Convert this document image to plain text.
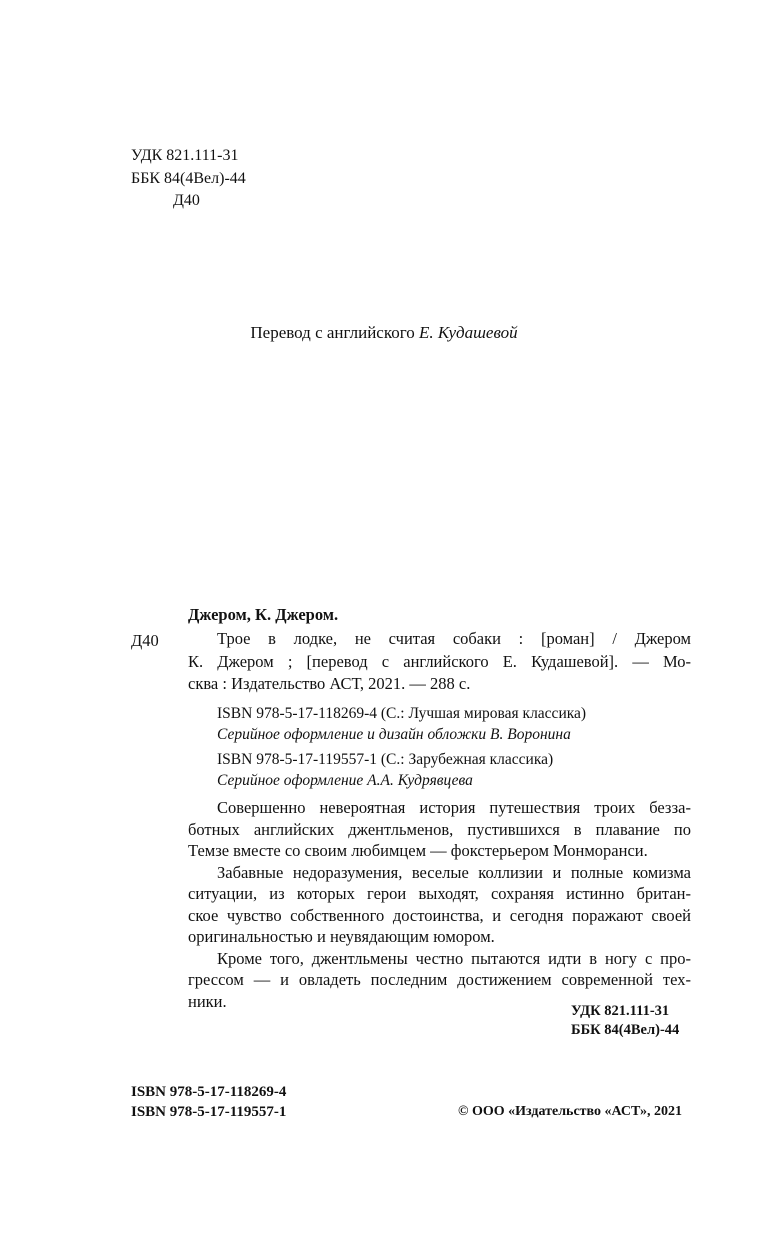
УДК 821.111-31
ББК 84(4Вел)-44
Д40

Перевод с английского Е. Кудашевой

Джером, К. Джером.

Д40	Трое в лодке, не считая собаки : [роман] / Джером
К. Джером ; [перевод с английского Е. Кудашевой]. — Мо-
сква : Издательство АСТ, 2021. — 288 с.
ISBN 978-5-17-118269-4 (С.: Лучшая мировая классика)
Серийное оформление и дизайн обложки В. Воронина
ISBN 978-5-17-119557-1 (С.: Зарубежная классика)
Серийное оформление А.А. Кудрявцева
Совершенно невероятная история путешествия троих безза-
ботных английских джентльменов, пустившихся в плавание по
Темзе вместе со своим любимцем — фокстерьером Монморанси.
Забавные недоразумения, веселые коллизии и полные комизма
ситуации, из которых герои выходят, сохраняя истинно британ-
ское чувство собственного достоинства, и сегодня поражают своей
оригинальностью и неувядающим юмором.
Кроме того, джентльмены честно пытаются идти в ногу с про-
грессом — и овладеть последним достижением современной тех-
ники.
УДК 821.111-31
ББК 84(4Вел)-44
ISBN 978-5-17-118269-4
ISBN 978-5-17-119557-1	© ООО «Издательство «АСТ», 2021
